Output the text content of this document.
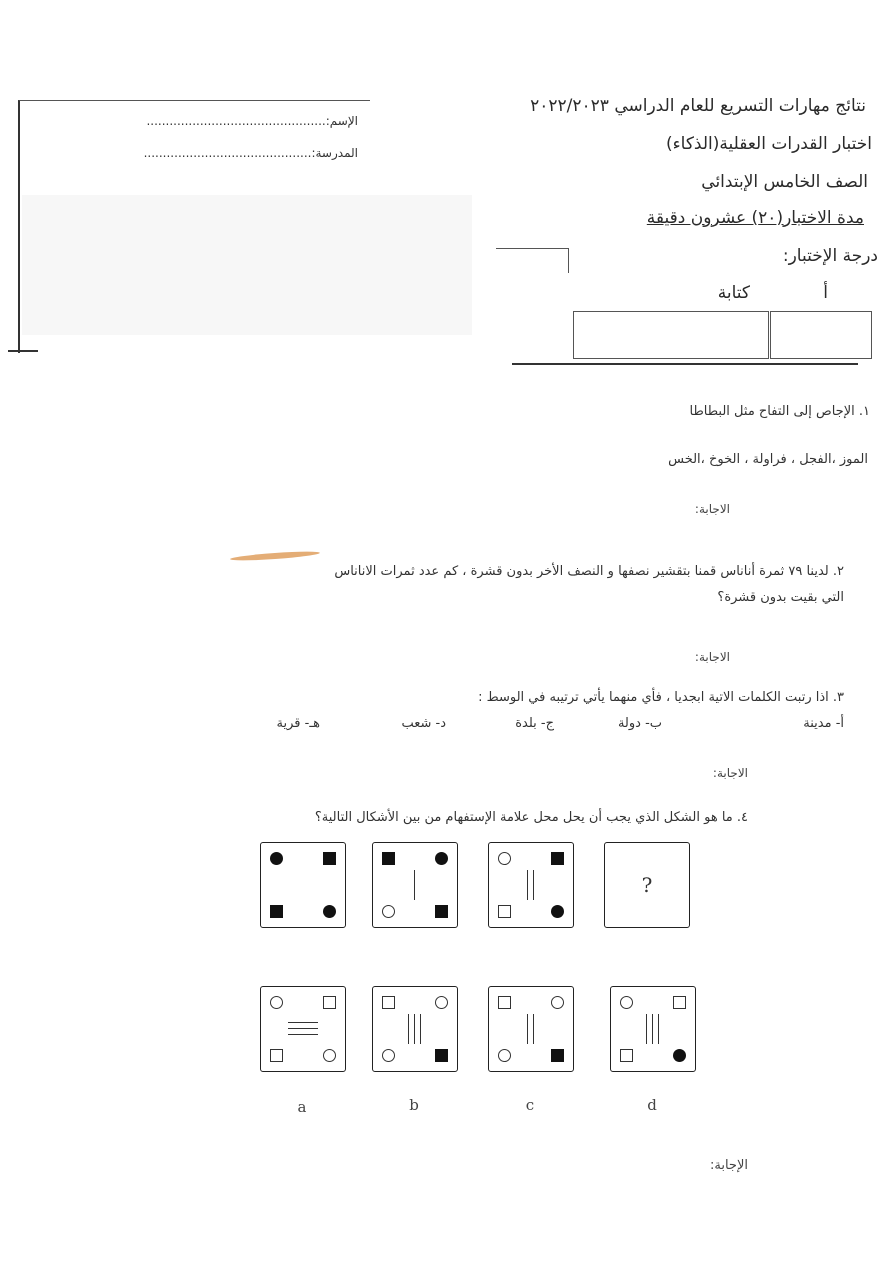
الإسم:...............................................
المدرسة:............................................
نتائج مهارات التسريع للعام الدراسي ٢٠٢٢/٢٠٢٣
اختبار القدرات العقلية(الذكاء)
الصف الخامس الإبتدائي
مدة الاختبار(٢٠) عشرون دقيقة
درجة الإختبار:
أ
كتابة
١. الإجاص إلى التفاح مثل البطاطا
الموز ،الفجل ، فراولة ، الخوخ ،الخس
الاجابة:
٢. لدينا ٧٩ ثمرة أناناس قمنا بتقشير نصفها و النصف الأخر بدون قشرة ، كم عدد ثمرات الاناناس
التي بقيت بدون قشرة؟
الاجابة:
٣. اذا رتبت الكلمات الاتية ابجديا ، فأي منهما يأتي ترتيبه في الوسط :
أ- مدينة
ب- دولة
ج- بلدة
د- شعب
هـ- قرية
الاجابة:
٤. ما هو الشكل الذي يجب أن يحل محل علامة الإستفهام من بين الأشكال التالية؟
?
a	b	c	d
الإجابة:
